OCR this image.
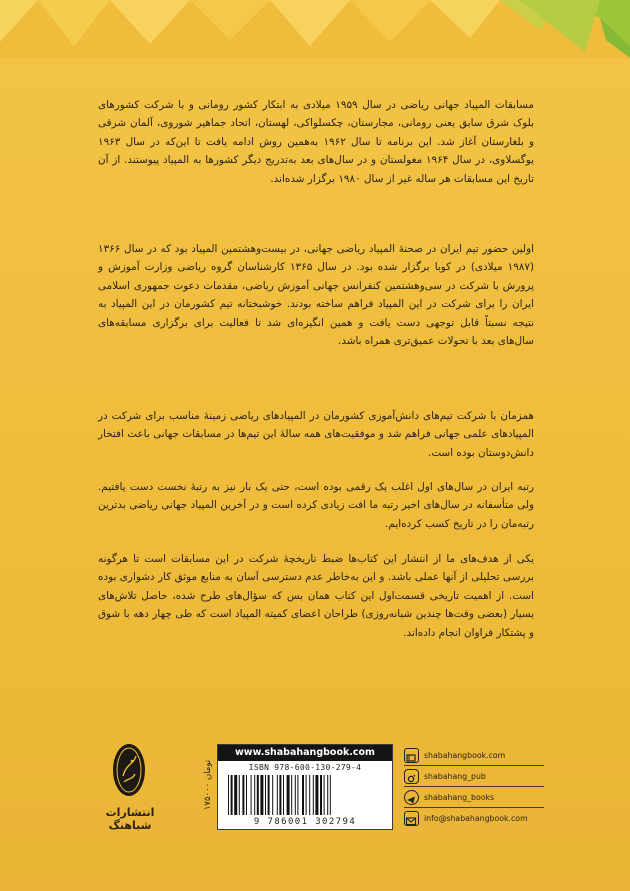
مسابقات المپیاد جهانی ریاضی در سال ۱۹۵۹ میلادی به ابتکار کشور رومانی و با شرکت کشورهای بلوک شرق سابق یعنی رومانی، مجارستان، چکسلواکی، لهستان، اتحاد جماهیر شوروی، آلمان شرقی و بلغارستان آغاز شد. این برنامه تا سال ۱۹۶۲ به‌همین روش ادامه یافت تا این‌که در سال ۱۹۶۳ یوگسلاوی، در سال ۱۹۶۴ مغولستان و در سال‌های بعد به‌تدریج دیگر کشورها به المپیاد پیوستند. از آن تاریخ این مسابقات هر ساله غیر از سال ۱۹۸۰ برگزار شده‌اند.

اولین حضور تیم ایران در صحنهٔ المپیاد ریاضی جهانی، در بیست‌وهشتمین المپیاد بود که در سال ۱۳۶۶ (۱۹۸۷ میلادی) در کوبا برگزار شده بود. در سال ۱۳۶۵ کارشناسان گروه ریاضی وزارت آموزش و پرورش با شرکت در سی‌وهشتمین کنفرانس جهانی آموزش ریاضی، مقدمات دعوت جمهوری اسلامی ایران را برای شرکت در این المپیاد فراهم ساخته بودند. خوشبختانه تیم کشورمان در این المپیاد به نتیجه نسبتاً قابل توجهی دست یافت و همین انگیزه‌ای شد تا فعالیت برای برگزاری مسابقه‌های سال‌های بعد با تحولات عمیق‌تری همراه باشد.

همزمان با شرکت تیم‌های دانش‌آموزی کشورمان در المپیادهای ریاضی زمینهٔ مناسب برای شرکت در المپیادهای علمی جهانی فراهم شد و موفقیت‌های همه سالهٔ این تیم‌ها در مسابقات جهانی باعث افتخار دانش‌دوستان بوده است.

رتبه ایران در سال‌های اول اغلب یک رقمی بوده است، حتی یک بار نیز به رتبهٔ نخست دست یافتیم. ولی متأسفانه در سال‌های اخیر رتبه ما افت زیادی کرده است و در آخرین المپیاد جهانی ریاضی بدترین رتبه‌مان را در تاریخ کسب کرده‌ایم.

یکی از هدف‌های ما از انتشار این کتاب‌ها ضبط تاریخچهٔ شرکت در این مسابقات است تا هرگونه بررسی تحلیلی از آنها عملی باشد. و این به‌خاطر عدم دسترسی آسان به منابع موثق کار دشواری بوده است. از اهمیت تاریخی قسمت‌اول این کتاب همان بس که سؤال‌های طرح شده، حاصل تلاش‌های بسیار (بعضی وقت‌ها چندین شبانه‌روزی) طراحان اعضای کمیته المپیاد است که طی چهار دهه با شوق و پشتکار فراوان انجام داده‌اند.

انتشارات شباهنگ
۱۷۵۰۰۰ تومان
www.shabahangbook.com
ISBN 978-600-130-279-4
9 786001 302794
shabahangbook.com
shabahang_pub
shabahang_books
info@shabahangbook.com
